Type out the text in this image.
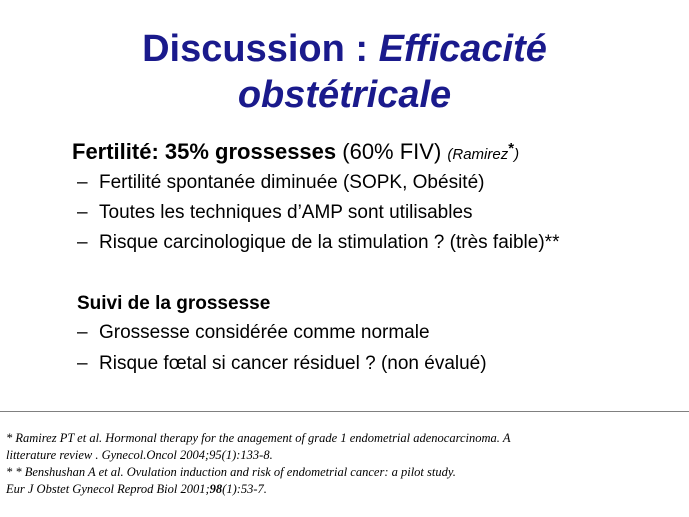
Discussion : Efficacité
obstétricale
Fertilité: 35% grossesses (60% FIV) (Ramirez*)
– Fertilité spontanée diminuée (SOPK, Obésité)
– Toutes les techniques d’AMP sont utilisables
– Risque carcinologique de la stimulation ? (très faible)**
Suivi de la grossesse
– Grossesse considérée comme normale
– Risque fœtal si cancer résiduel ? (non évalué)
* Ramirez PT et al. Hormonal therapy for the anagement of grade 1 endometrial adenocarcinoma. A
litterature review . Gynecol.Oncol 2004;95(1):133-8.
* * Benshushan A et al. Ovulation induction and risk of endometrial cancer: a pilot study.
Eur J Obstet Gynecol Reprod Biol 2001;98(1):53-7.
